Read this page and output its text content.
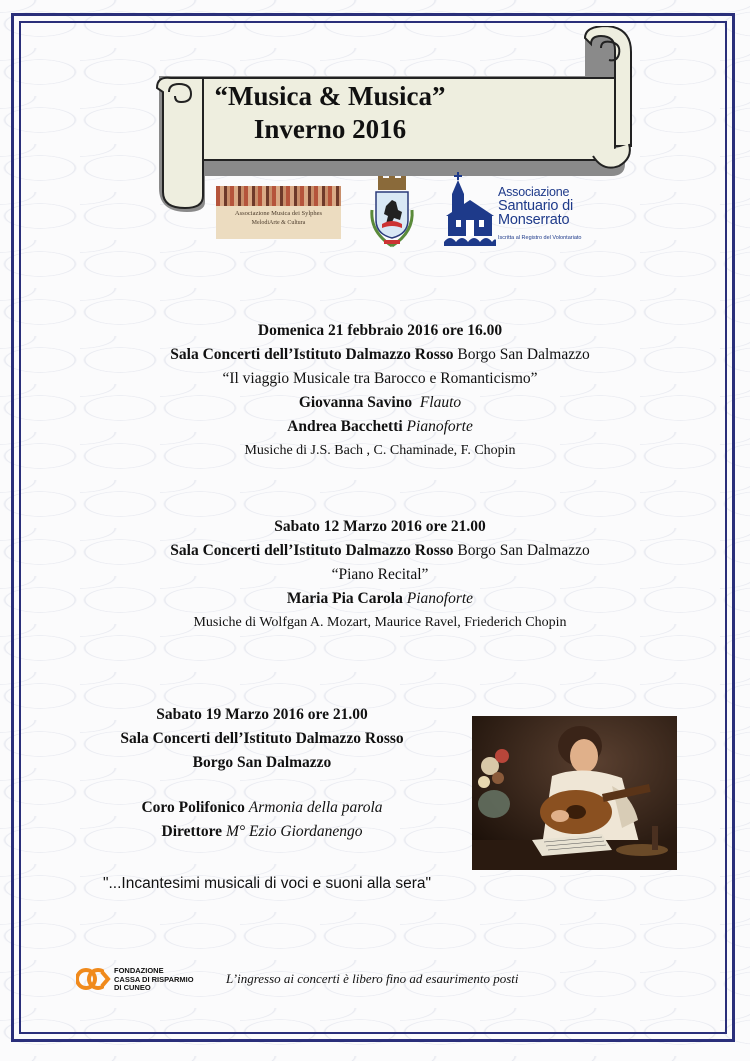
“Musica & Musica”
Inverno 2016
Associazione Musica dei Sylphes
MelodiArte & Cultura
Associazione
Santuario di
Monserrato
Iscritta al Registro del Volontariato
Domenica 21 febbraio 2016 ore 16.00
Sala Concerti dell’Istituto Dalmazzo Rosso Borgo San Dalmazzo
“Il viaggio Musicale tra Barocco e Romanticismo”
Giovanna Savino Flauto
Andrea Bacchetti Pianoforte
Musiche di J.S. Bach , C. Chaminade, F. Chopin
Sabato 12 Marzo 2016 ore 21.00
Sala Concerti dell’Istituto Dalmazzo Rosso Borgo San Dalmazzo
“Piano Recital”
Maria Pia Carola Pianoforte
Musiche di Wolfgan A. Mozart, Maurice Ravel, Friederich Chopin
Sabato 19 Marzo 2016 ore 21.00
Sala Concerti dell’Istituto Dalmazzo Rosso
Borgo San Dalmazzo
Coro Polifonico Armonia della parola
Direttore M° Ezio Giordanengo
"...Incantesimi musicali di voci e suoni alla sera"
FONDAZIONE
CASSA DI RISPARMIO
DI CUNEO
L’ingresso ai concerti è libero fino ad esaurimento posti
